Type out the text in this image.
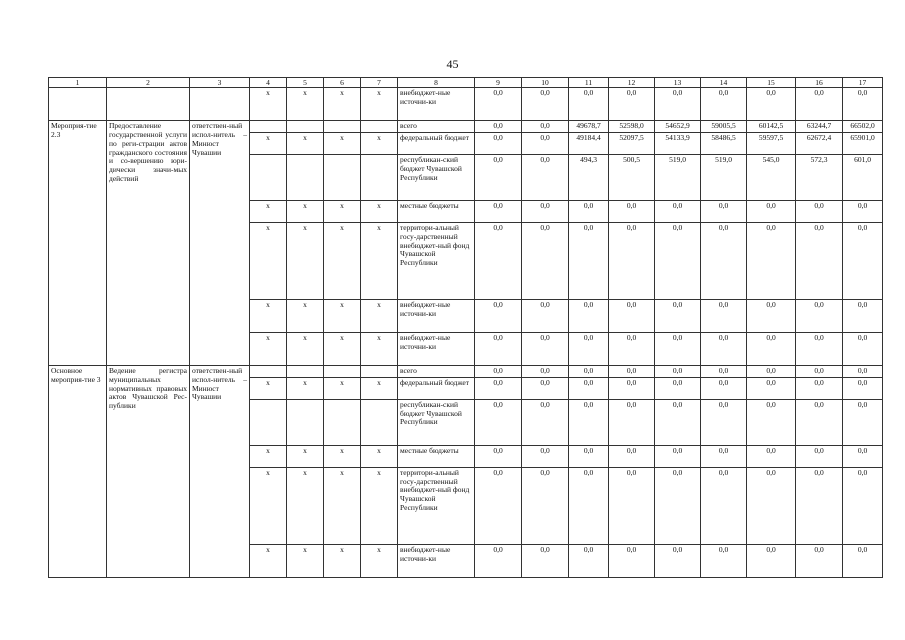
45
1	2	3	4	5	6	7	8	9	10	11	12	13	14	15	16	17
			х	х	х	х	внебюджет-ные источни-ки	0,0	0,0	0,0	0,0	0,0	0,0	0,0	0,0	0,0
Мероприя-тие 2.3	Предоставление государственной услуги по реги-страции актов гражданского состояния и со-вершению юри-дически значи-мых действий	ответствен-ный испол-нитель – Минюст Чувашии					всего	0,0	0,0	49678,7	52598,0	54652,9	59005,5	60142,5	63244,7	66502,0
			х	х	х	х	федеральный бюджет	0,0	0,0	49184,4	52097,5	54133,9	58486,5	59597,5	62672,4	65901,0
							республикан-ский бюджет Чувашской Республики	0,0	0,0	494,3	500,5	519,0	519,0	545,0	572,3	601,0
			х	х	х	х	местные бюджеты	0,0	0,0	0,0	0,0	0,0	0,0	0,0	0,0	0,0
			х	х	х	х	территори-альный госу-дарственный внебюджет-ный фонд Чувашской Республики	0,0	0,0	0,0	0,0	0,0	0,0	0,0	0,0	0,0
			х	х	х	х	внебюджет-ные источни-ки	0,0	0,0	0,0	0,0	0,0	0,0	0,0	0,0	0,0
			х	х	х	х	внебюджет-ные источни-ки	0,0	0,0	0,0	0,0	0,0	0,0	0,0	0,0	0,0
Основное мероприя-тие 3	Ведение регистра муниципальных нормативных правовых актов Чувашской Рес-публики	ответствен-ный испол-нитель – Минюст Чувашии					всего	0,0	0,0	0,0	0,0	0,0	0,0	0,0	0,0	0,0
			х	х	х	х	федеральный бюджет	0,0	0,0	0,0	0,0	0,0	0,0	0,0	0,0	0,0
							республикан-ский бюджет Чувашской Республики	0,0	0,0	0,0	0,0	0,0	0,0	0,0	0,0	0,0
			х	х	х	х	местные бюджеты	0,0	0,0	0,0	0,0	0,0	0,0	0,0	0,0	0,0
			х	х	х	х	территори-альный госу-дарственный внебюджет-ный фонд Чувашской Республики	0,0	0,0	0,0	0,0	0,0	0,0	0,0	0,0	0,0
			х	х	х	х	внебюджет-ные источни-ки	0,0	0,0	0,0	0,0	0,0	0,0	0,0	0,0	0,0
